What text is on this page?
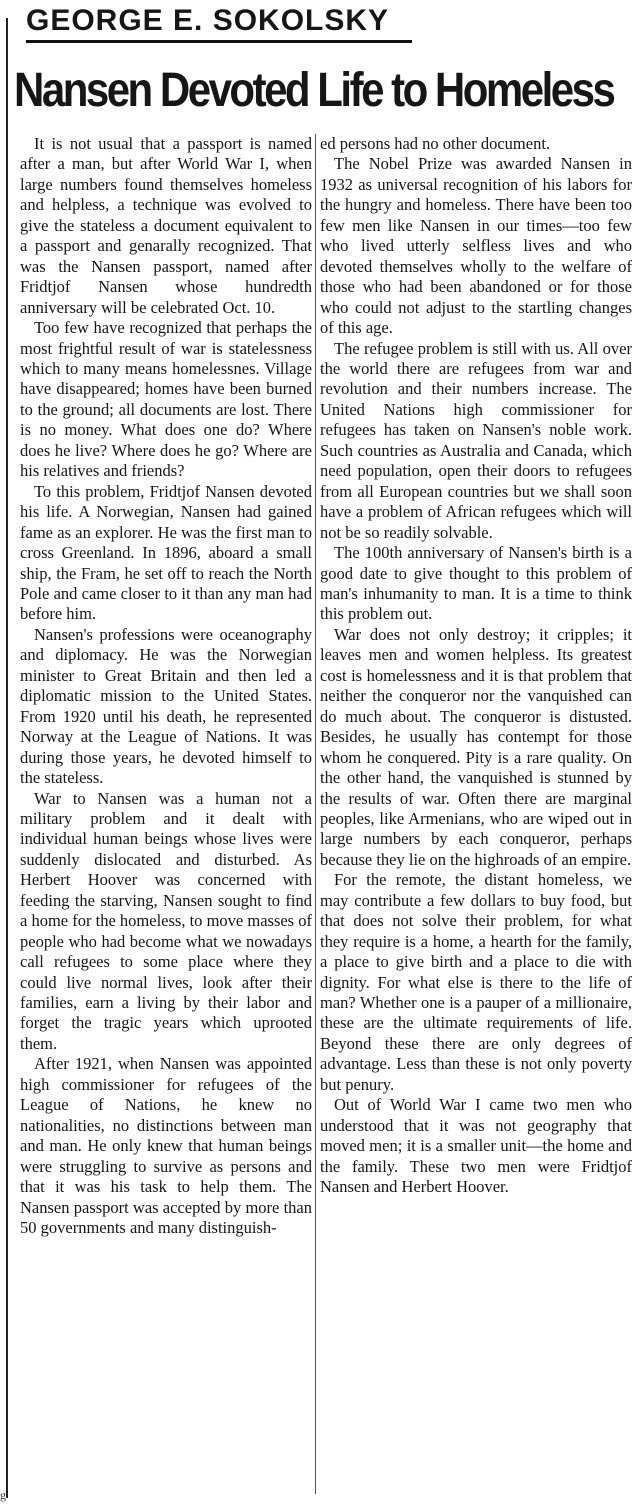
GEORGE E. SOKOLSKY
Nansen Devoted Life to Homeless

It is not usual that a passport is named after a man, but after World War I, when large numbers found themselves homeless and helpless, a technique was evolved to give the stateless a document equivalent to a passport and genarally recognized. That was the Nansen passport, named after Fridtjof Nansen whose hundredth anniversary will be celebrated Oct. 10.

Too few have recognized that perhaps the most frightful result of war is statelessness which to many means homelessnes. Village have disappeared; homes have been burned to the ground; all documents are lost. There is no money. What does one do? Where does he live? Where does he go? Where are his relatives and friends?

To this problem, Fridtjof Nansen devoted his life. A Norwegian, Nansen had gained fame as an explorer. He was the first man to cross Greenland. In 1896, aboard a small ship, the Fram, he set off to reach the North Pole and came closer to it than any man had before him.

Nansen's professions were oceanography and diplomacy. He was the Norwegian minister to Great Britain and then led a diplomatic mission to the United States. From 1920 until his death, he represented Norway at the League of Nations. It was during those years, he devoted himself to the stateless.

War to Nansen was a human not a military problem and it dealt with individual human beings whose lives were suddenly dislocated and disturbed. As Herbert Hoover was concerned with feeding the starving, Nansen sought to find a home for the homeless, to move masses of people who had become what we nowadays call refugees to some place where they could live normal lives, look after their families, earn a living by their labor and forget the tragic years which uprooted them.

After 1921, when Nansen was appointed high commissioner for refugees of the League of Nations, he knew no nationalities, no distinctions between man and man. He only knew that human beings were struggling to survive as persons and that it was his task to help them. The Nansen passport was accepted by more than 50 governments and many distinguish-

ed persons had no other document.

The Nobel Prize was awarded Nansen in 1932 as universal recognition of his labors for the hungry and homeless. There have been too few men like Nansen in our times—too few who lived utterly selfless lives and who devoted themselves wholly to the welfare of those who had been abandoned or for those who could not adjust to the startling changes of this age.

The refugee problem is still with us. All over the world there are refugees from war and revolution and their numbers increase. The United Nations high commissioner for refugees has taken on Nansen's noble work. Such countries as Australia and Canada, which need population, open their doors to refugees from all European countries but we shall soon have a problem of African refugees which will not be so readily solvable.

The 100th anniversary of Nansen's birth is a good date to give thought to this problem of man's inhumanity to man. It is a time to think this problem out.

War does not only destroy; it cripples; it leaves men and women helpless. Its greatest cost is homelessness and it is that problem that neither the conqueror nor the vanquished can do much about. The conqueror is distusted. Besides, he usually has contempt for those whom he conquered. Pity is a rare quality. On the other hand, the vanquished is stunned by the results of war. Often there are marginal peoples, like Armenians, who are wiped out in large numbers by each conqueror, perhaps because they lie on the highroads of an empire.

For the remote, the distant homeless, we may contribute a few dollars to buy food, but that does not solve their problem, for what they require is a home, a hearth for the family, a place to give birth and a place to die with dignity. For what else is there to the life of man? Whether one is a pauper of a millionaire, these are the ultimate requirements of life. Beyond these there are only degrees of advantage. Less than these is not only poverty but penury.

Out of World War I came two men who understood that it was not geography that moved men; it is a smaller unit—the home and the family. These two men were Fridtjof Nansen and Herbert Hoover.

g
